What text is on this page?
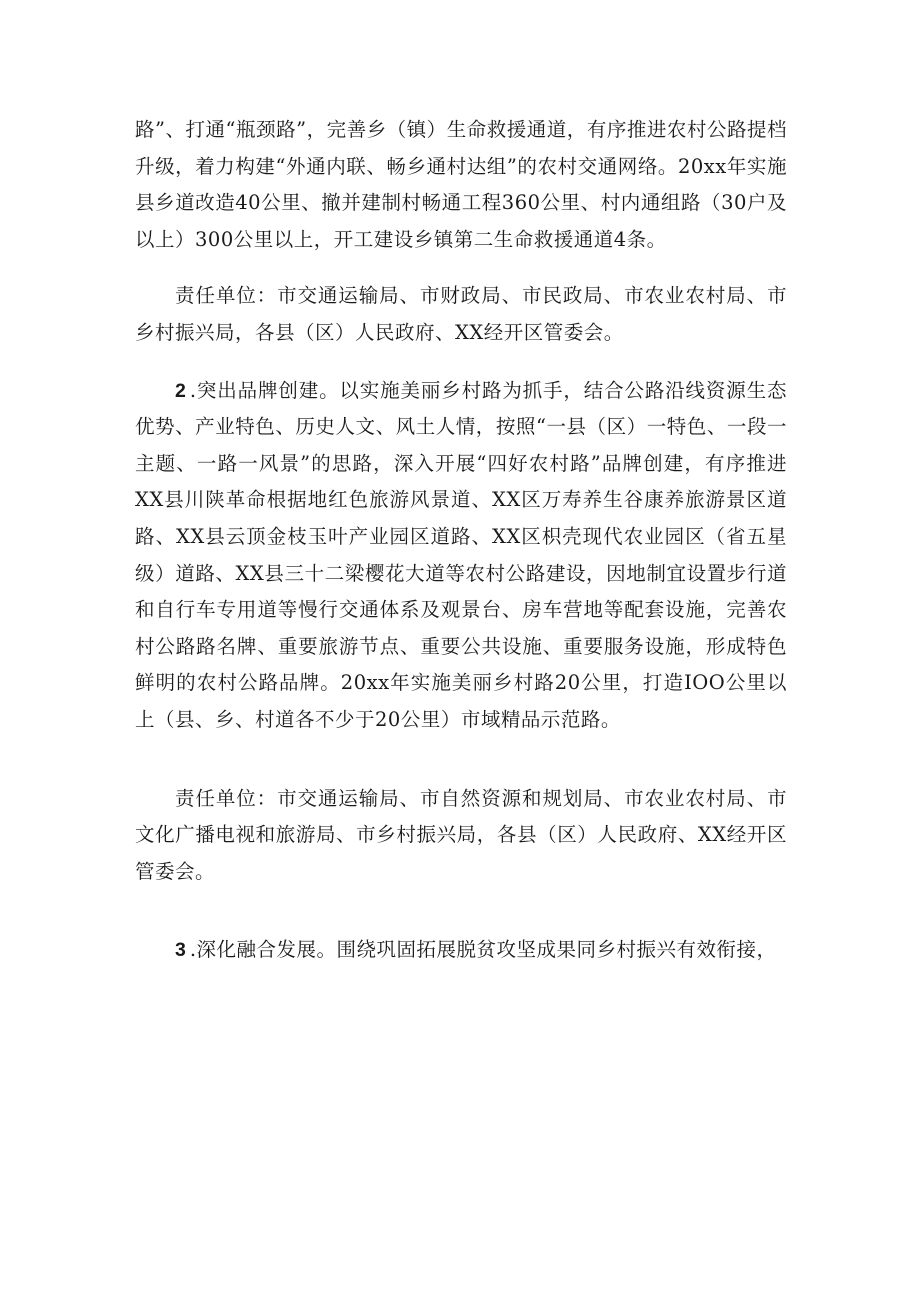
路”、打通“瓶颈路”，完善乡（镇）生命救援通道，有序推进农村公路提档升级，着力构建“外通内联、畅乡通村达组”的农村交通网络。20xx年实施县乡道改造40公里、撤并建制村畅通工程360公里、村内通组路（30户及以上）300公里以上，开工建设乡镇第二生命救援通道4条。

责任单位：市交通运输局、市财政局、市民政局、市农业农村局、市乡村振兴局，各县（区）人民政府、XX经开区管委会。

2 .突出品牌创建。以实施美丽乡村路为抓手，结合公路沿线资源生态优势、产业特色、历史人文、风土人情，按照“一县（区）一特色、一段一主题、一路一风景”的思路，深入开展“四好农村路”品牌创建，有序推进XX县川陕革命根据地红色旅游风景道、XX区万寿养生谷康养旅游景区道路、XX县云顶金枝玉叶产业园区道路、XX区枳壳现代农业园区（省五星级）道路、XX县三十二梁樱花大道等农村公路建设，因地制宜设置步行道和自行车专用道等慢行交通体系及观景台、房车营地等配套设施，完善农村公路路名牌、重要旅游节点、重要公共设施、重要服务设施，形成特色鲜明的农村公路品牌。20xx年实施美丽乡村路20公里，打造IOO公里以上（县、乡、村道各不少于20公里）市域精品示范路。

责任单位：市交通运输局、市自然资源和规划局、市农业农村局、市文化广播电视和旅游局、市乡村振兴局，各县（区）人民政府、XX经开区管委会。

3 .深化融合发展。围绕巩固拓展脱贫攻坚成果同乡村振兴有效衔接，
